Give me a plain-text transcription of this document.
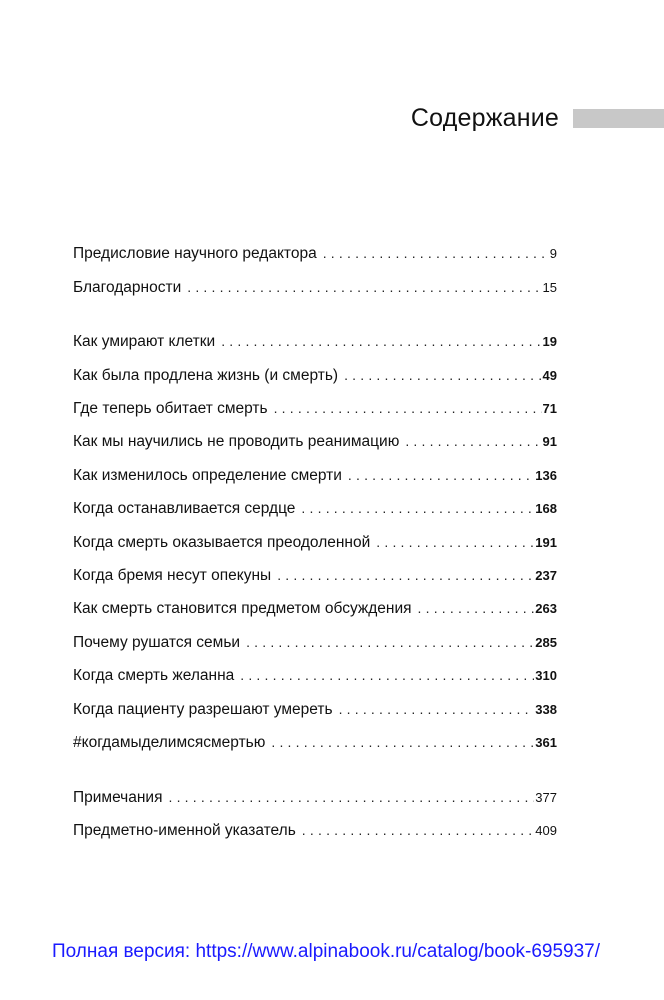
Содержание
Предисловие научного редактора .....	9
Благодарности .....	15
Как умирают клетки .....	19
Как была продлена жизнь (и смерть) .....	49
Где теперь обитает смерть .....	71
Как мы научились не проводить реанимацию .....	91
Как изменилось определение смерти .....	136
Когда останавливается сердце .....	168
Когда смерть оказывается преодоленной .....	191
Когда бремя несут опекуны .....	237
Как смерть становится предметом обсуждения .....	263
Почему рушатся семьи .....	285
Когда смерть желанна .....	310
Когда пациенту разрешают умереть .....	338
#когдамыделимсясмертью .....	361
Примечания .....	377
Предметно-именной указатель .....	409
Полная версия: https://www.alpinabook.ru/catalog/book-695937/
